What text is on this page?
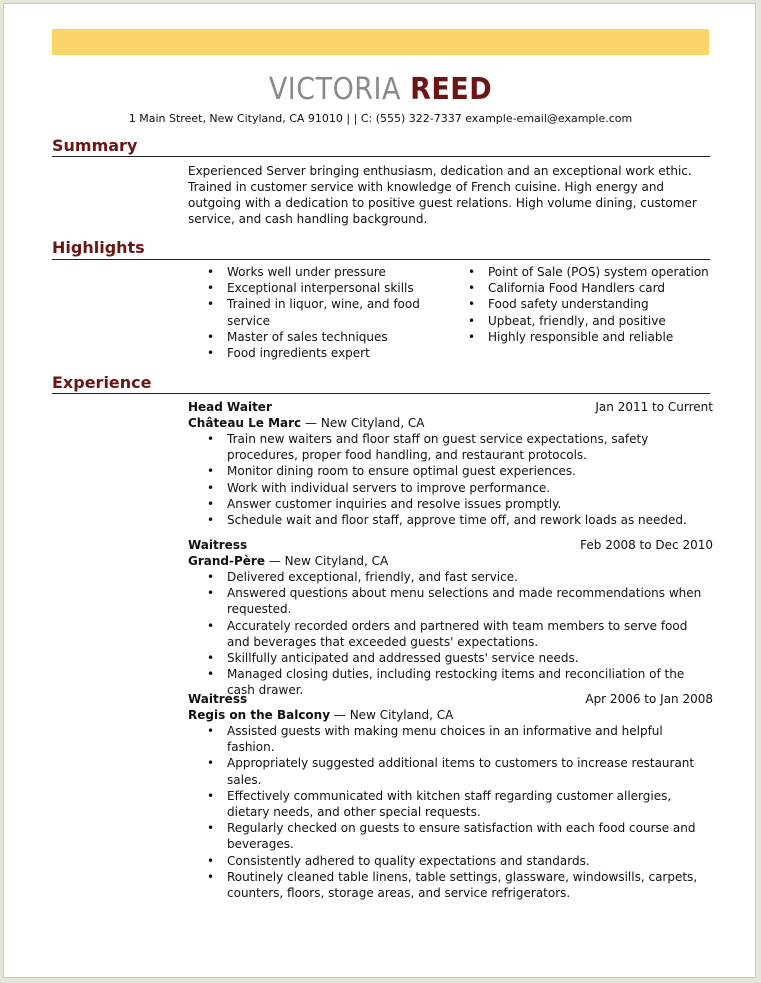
VICTORIA REED
1 Main Street, New Cityland, CA 91010 | | C: (555) 322-7337 example-email@example.com
Summary
Experienced Server bringing enthusiasm, dedication and an exceptional work ethic. Trained in customer service with knowledge of French cuisine. High energy and outgoing with a dedication to positive guest relations. High volume dining, customer service, and cash handling background.
Highlights
• Works well under pressure
• Exceptional interpersonal skills
• Trained in liquor, wine, and food service
• Master of sales techniques
• Food ingredients expert
• Point of Sale (POS) system operation
• California Food Handlers card
• Food safety understanding
• Upbeat, friendly, and positive
• Highly responsible and reliable
Experience
Head Waiter	Jan 2011 to Current
Château Le Marc — New Cityland, CA
• Train new waiters and floor staff on guest service expectations, safety procedures, proper food handling, and restaurant protocols.
• Monitor dining room to ensure optimal guest experiences.
• Work with individual servers to improve performance.
• Answer customer inquiries and resolve issues promptly.
• Schedule wait and floor staff, approve time off, and rework loads as needed.
Waitress	Feb 2008 to Dec 2010
Grand-Père — New Cityland, CA
• Delivered exceptional, friendly, and fast service.
• Answered questions about menu selections and made recommendations when requested.
• Accurately recorded orders and partnered with team members to serve food and beverages that exceeded guests' expectations.
• Skillfully anticipated and addressed guests' service needs.
• Managed closing duties, including restocking items and reconciliation of the cash drawer.
Waitress	Apr 2006 to Jan 2008
Regis on the Balcony — New Cityland, CA
• Assisted guests with making menu choices in an informative and helpful fashion.
• Appropriately suggested additional items to customers to increase restaurant sales.
• Effectively communicated with kitchen staff regarding customer allergies, dietary needs, and other special requests.
• Regularly checked on guests to ensure satisfaction with each food course and beverages.
• Consistently adhered to quality expectations and standards.
• Routinely cleaned table linens, table settings, glassware, windowsills, carpets, counters, floors, storage areas, and service refrigerators.
